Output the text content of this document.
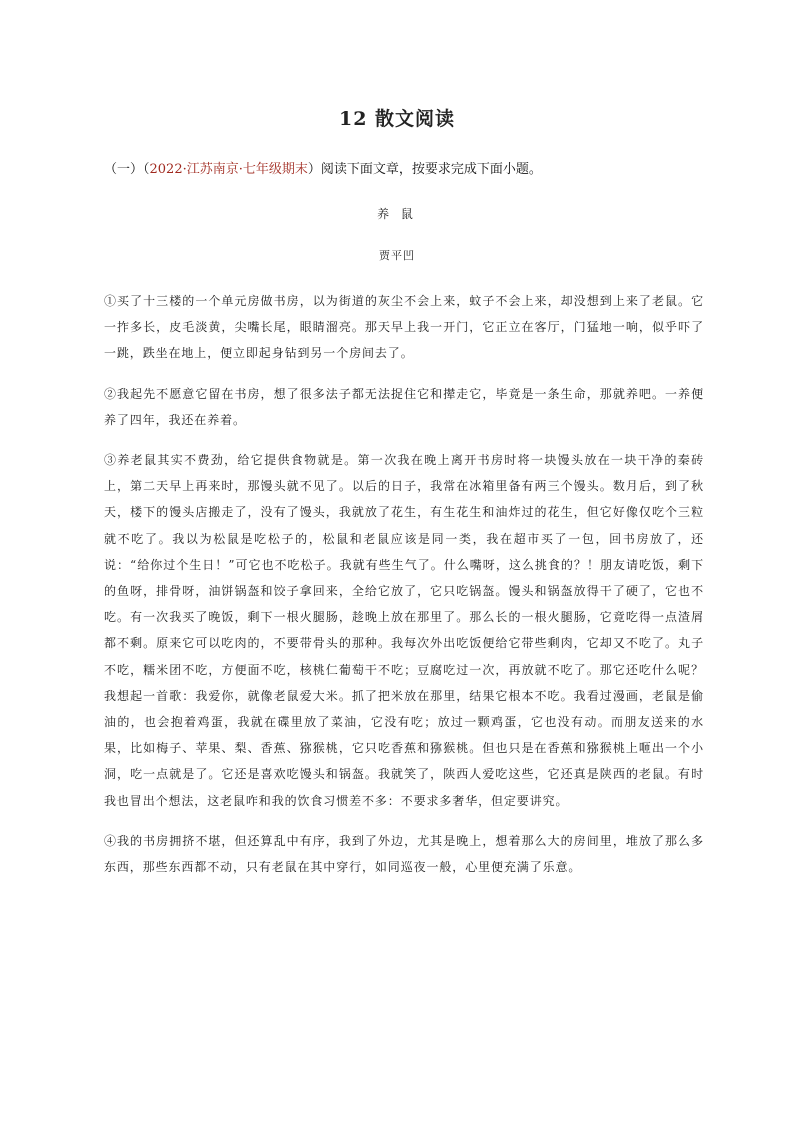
12 散文阅读
（一）（2022·江苏南京·七年级期末）阅读下面文章，按要求完成下面小题。
养 鼠
贾平凹

①买了十三楼的一个单元房做书房，以为街道的灰尘不会上来，蚊子不会上来，却没想到上来了老鼠。它一拃多长，皮毛淡黄，尖嘴长尾，眼睛溜亮。那天早上我一开门，它正立在客厅，门猛地一响，似乎吓了一跳，跌坐在地上，便立即起身钻到另一个房间去了。

②我起先不愿意它留在书房，想了很多法子都无法捉住它和撵走它，毕竟是一条生命，那就养吧。一养便养了四年，我还在养着。

③养老鼠其实不费劲，给它提供食物就是。第一次我在晚上离开书房时将一块馒头放在一块干净的秦砖上，第二天早上再来时，那馒头就不见了。以后的日子，我常在冰箱里备有两三个馒头。数月后，到了秋天，楼下的馒头店搬走了，没有了馒头，我就放了花生，有生花生和油炸过的花生，但它好像仅吃个三粒就不吃了。我以为松鼠是吃松子的，松鼠和老鼠应该是同一类，我在超市买了一包，回书房放了，还说：“给你过个生日！”可它也不吃松子。我就有些生气了。什么嘴呀，这么挑食的？！朋友请吃饭，剩下的鱼呀，排骨呀，油饼锅盔和饺子拿回来，全给它放了，它只吃锅盔。馒头和锅盔放得干了硬了，它也不吃。有一次我买了晚饭，剩下一根火腿肠，趁晚上放在那里了。那么长的一根火腿肠，它竟吃得一点渣屑都不剩。原来它可以吃肉的，不要带骨头的那种。我每次外出吃饭便给它带些剩肉，它却又不吃了。丸子不吃，糯米团不吃，方便面不吃，核桃仁葡萄干不吃；豆腐吃过一次，再放就不吃了。那它还吃什么呢？我想起一首歌：我爱你，就像老鼠爱大米。抓了把米放在那里，结果它根本不吃。我看过漫画，老鼠是偷油的，也会抱着鸡蛋，我就在碟里放了菜油，它没有吃；放过一颗鸡蛋，它也没有动。而朋友送来的水果，比如梅子、苹果、梨、香蕉、猕猴桃，它只吃香蕉和猕猴桃。但也只是在香蕉和猕猴桃上咂出一个小洞，吃一点就是了。它还是喜欢吃馒头和锅盔。我就笑了，陕西人爱吃这些，它还真是陕西的老鼠。有时我也冒出个想法，这老鼠咋和我的饮食习惯差不多：不要求多奢华，但定要讲究。

④我的书房拥挤不堪，但还算乱中有序，我到了外边，尤其是晚上，想着那么大的房间里，堆放了那么多东西，那些东西都不动，只有老鼠在其中穿行，如同巡夜一般，心里便充满了乐意。
